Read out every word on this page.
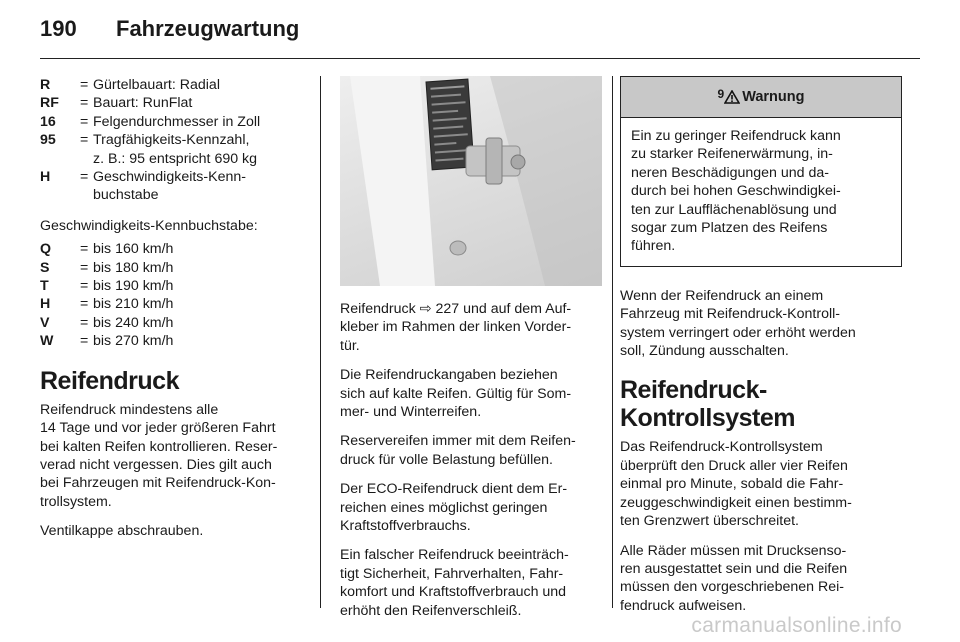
190	Fahrzeugwartung
R	= Gürtelbauart: Radial
RF	= Bauart: RunFlat
16	= Felgendurchmesser in Zoll
95	= Tragfähigkeits-Kennzahl,
z. B.: 95 entspricht 690 kg
H	= Geschwindigkeits-Kenn-
buchstabe

Geschwindigkeits-Kennbuchstabe:

Q	= bis 160 km/h
S	= bis 180 km/h
T	= bis 190 km/h
H	= bis 210 km/h
V	= bis 240 km/h
W	= bis 270 km/h
Reifendruck

Reifendruck mindestens alle
14 Tage und vor jeder größeren Fahrt
bei kalten Reifen kontrollieren. Reser-
verad nicht vergessen. Dies gilt auch
bei Fahrzeugen mit Reifendruck-Kon-
trollsystem.

Ventilkappe abschrauben.

Reifendruck ⇨ 227 und auf dem Auf-
kleber im Rahmen der linken Vorder-
tür.

Die Reifendruckangaben beziehen
sich auf kalte Reifen. Gültig für Som-
mer- und Winterreifen.

Reservereifen immer mit dem Reifen-
druck für volle Belastung befüllen.

Der ECO-Reifendruck dient dem Er-
reichen eines möglichst geringen
Kraftstoffverbrauchs.

Ein falscher Reifendruck beeinträch-
tigt Sicherheit, Fahrverhalten, Fahr-
komfort und Kraftstoffverbrauch und
erhöht den Reifenverschleiß.

9 Warnung
Ein zu geringer Reifendruck kann
zu starker Reifenerwärmung, in-
neren Beschädigungen und da-
durch bei hohen Geschwindigkei-
ten zur Laufflächenablösung und
sogar zum Platzen des Reifens
führen.

Wenn der Reifendruck an einem
Fahrzeug mit Reifendruck-Kontroll-
system verringert oder erhöht werden
soll, Zündung ausschalten.

Reifendruck-
Kontrollsystem

Das Reifendruck-Kontrollsystem
überprüft den Druck aller vier Reifen
einmal pro Minute, sobald die Fahr-
zeuggeschwindigkeit einen bestimm-
ten Grenzwert überschreitet.

Alle Räder müssen mit Drucksenso-
ren ausgestattet sein und die Reifen
müssen den vorgeschriebenen Rei-
fendruck aufweisen.

carmanualsonline.info
